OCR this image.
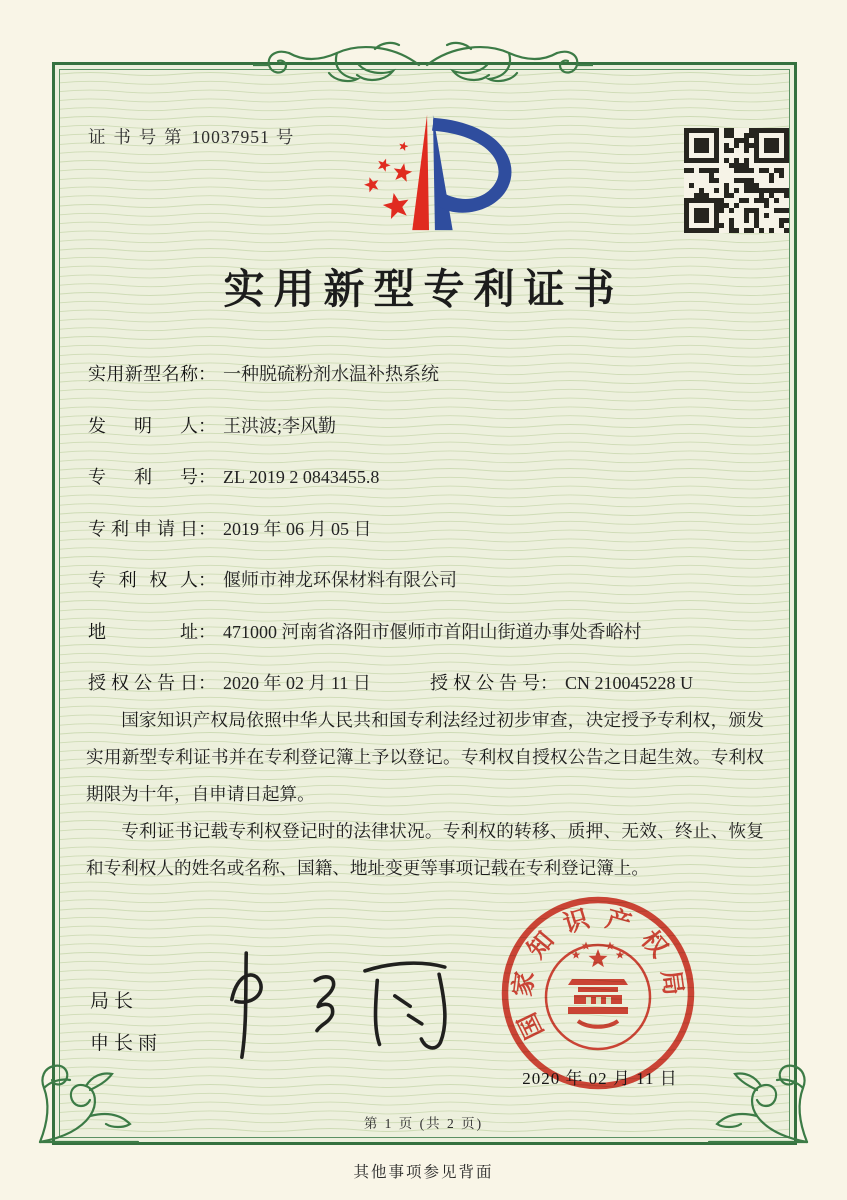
证书号第 10037951 号
实用新型专利证书
实 用 新 型 名 称 ： 一种脱硫粉剂水温补热系统
发 明 人 ： 王洪波;李风勤
专 利 号 ： ZL 2019 2 0843455.8
专 利 申 请 日 ： 2019 年 06 月 05 日
专 利 权 人 ： 偃师市神龙环保材料有限公司
地	址 ： 471000 河南省洛阳市偃师市首阳山街道办事处香峪村
授 权 公 告 日 ： 2020 年 02 月 11 日	授 权 公 告 号 ： CN 210045228 U

国家知识产权局依照中华人民共和国专利法经过初步审查，决定授予专利权，颁发实用新型专利证书并在专利登记簿上予以登记。专利权自授权公告之日起生效。专利权期限为十年，自申请日起算。

专利证书记载专利权登记时的法律状况。专利权的转移、质押、无效、终止、恢复和专利权人的姓名或名称、国籍、地址变更等事项记载在专利登记簿上。

局长
申长雨
国
家
知
识 产
权
局
2020 年 02 月 11 日
第 1 页 (共 2 页)
其他事项参见背面
